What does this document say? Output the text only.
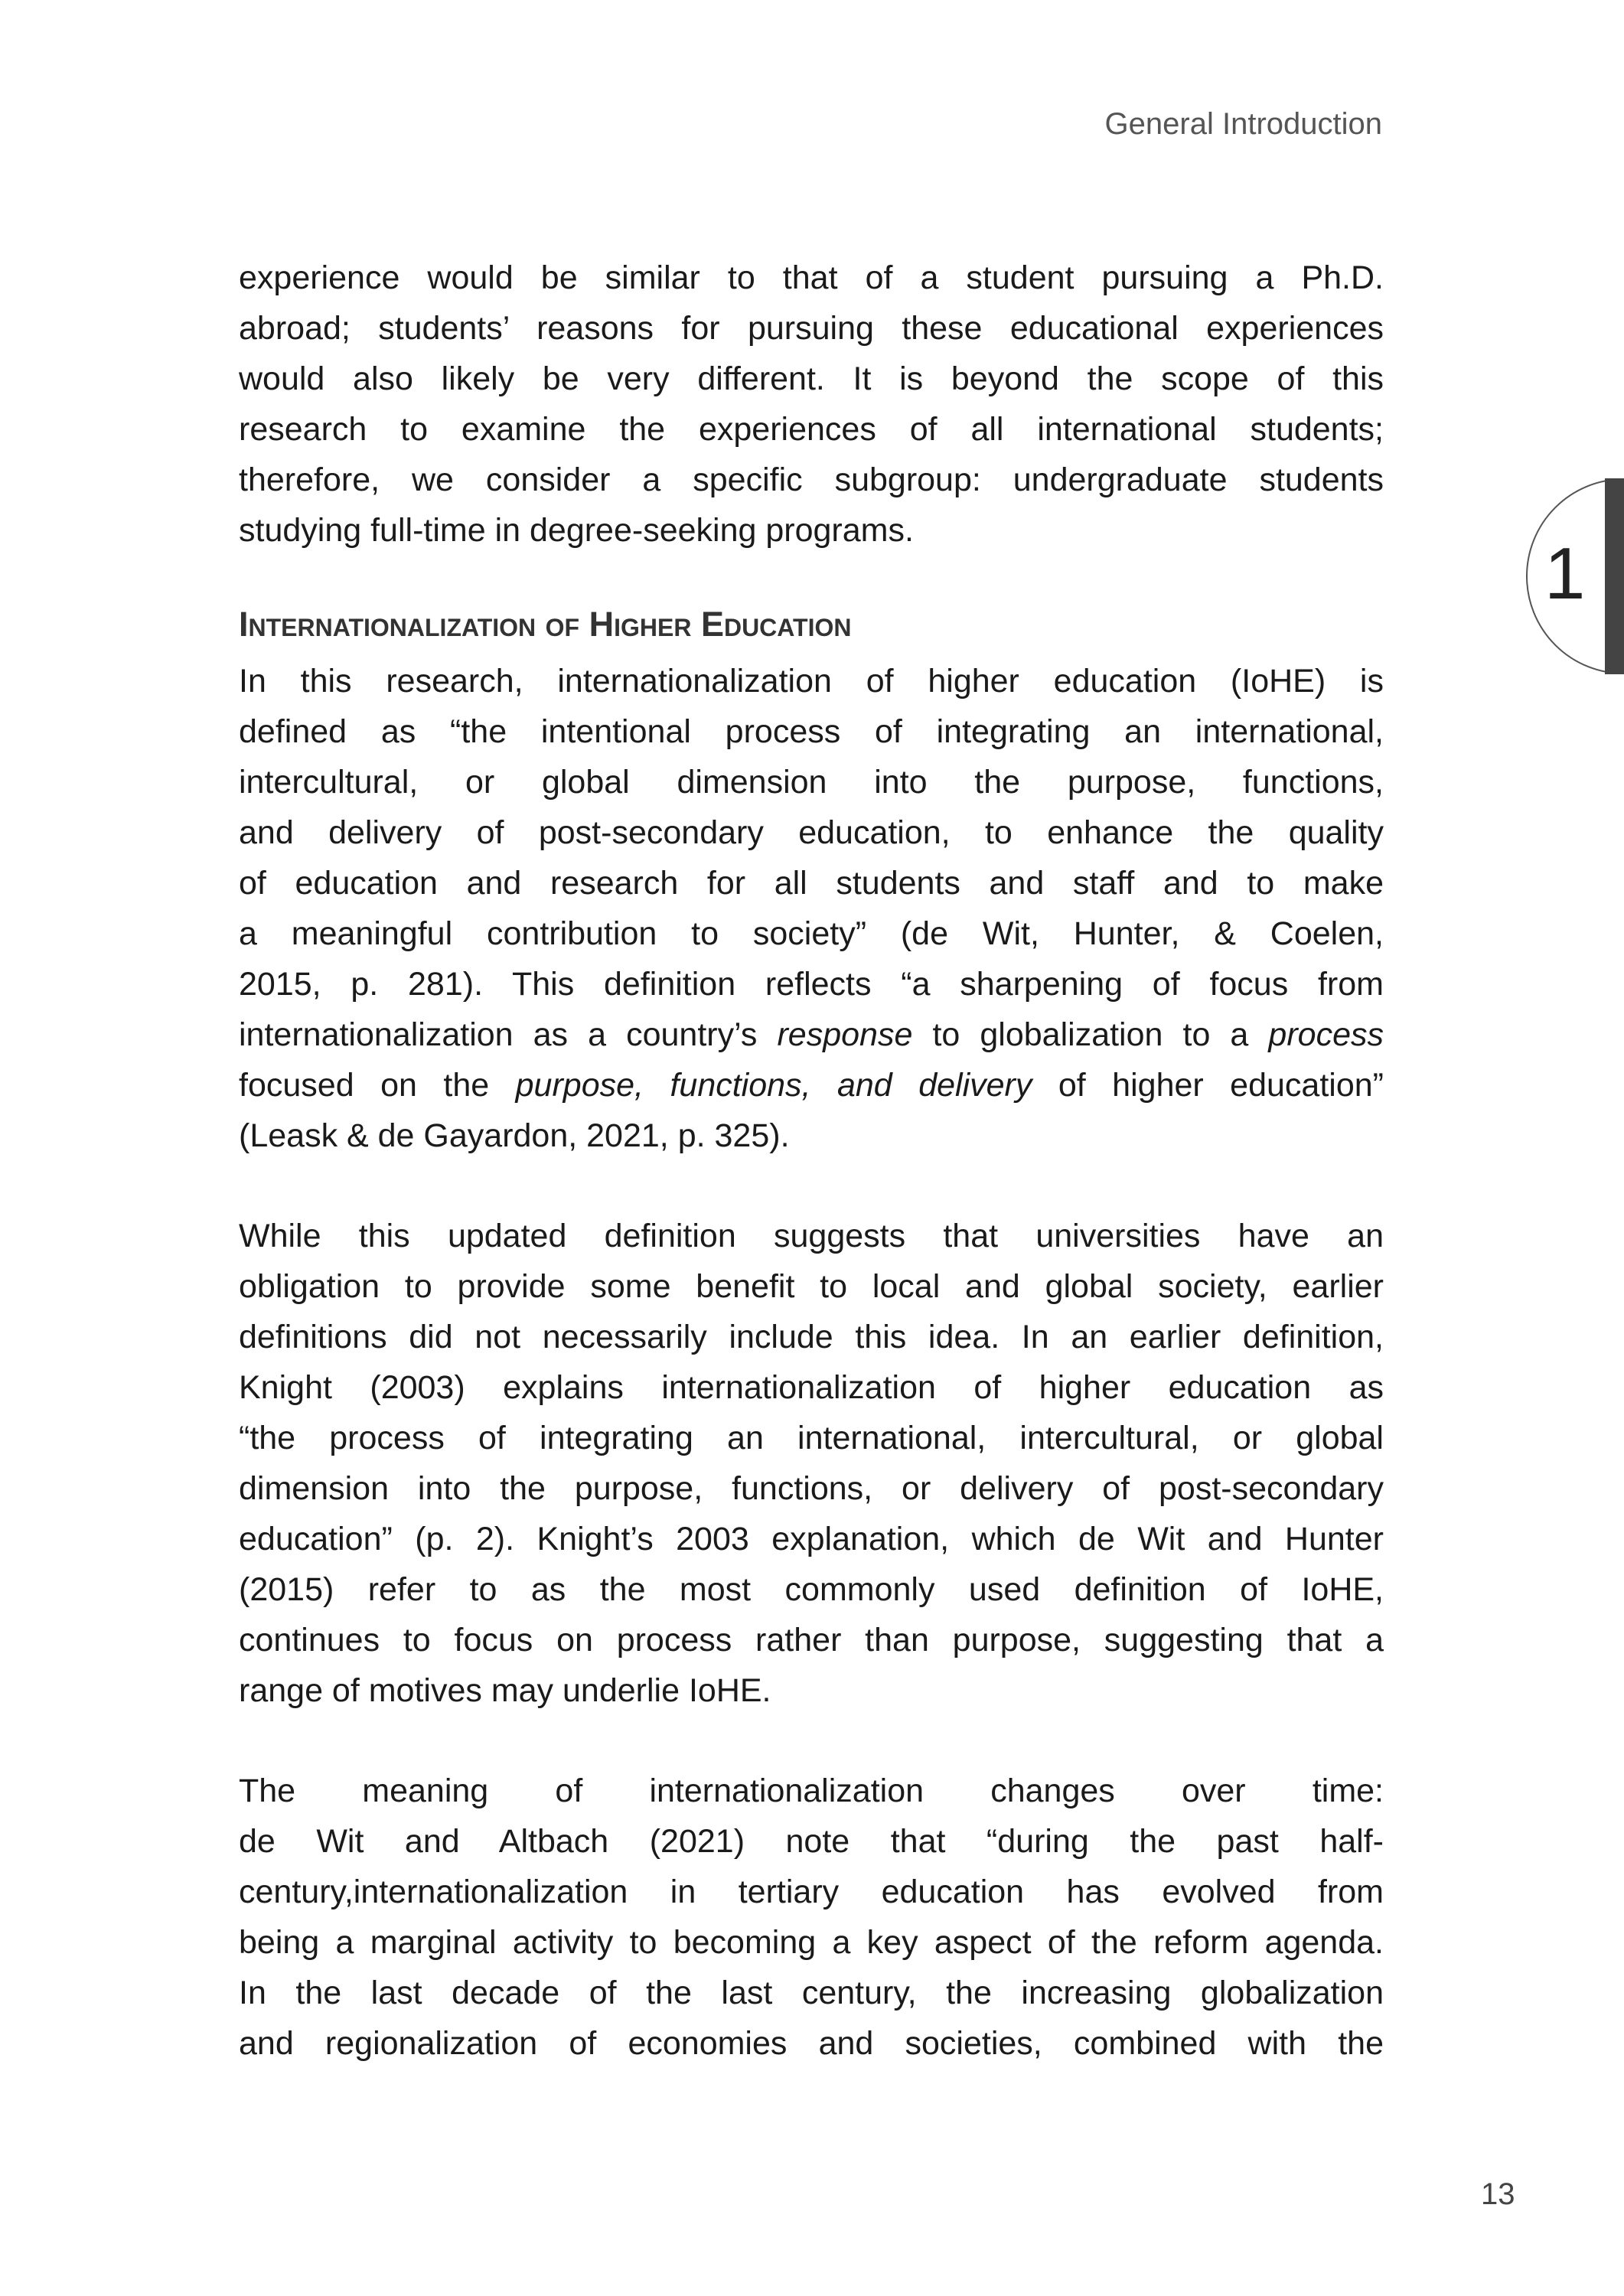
General Introduction
1
experience would be similar to that of a student pursuing a Ph.D.
abroad; students’ reasons for pursuing these educational experiences
would also likely be very different. It is beyond the scope of this
research to examine the experiences of all international students;
therefore, we consider a specific subgroup: undergraduate students
studying full-time in degree-seeking programs.
Internationalization of Higher Education
In this research, internationalization of higher education (IoHE) is
defined as “the intentional process of integrating an international,
intercultural, or global dimension into the purpose, functions,
and delivery of post-secondary education, to enhance the quality
of education and research for all students and staff and to make
a meaningful contribution to society” (de Wit, Hunter, & Coelen,
2015, p. 281). This definition reflects “a sharpening of focus from
internationalization as a country’s response to globalization to a process
focused on the purpose, functions, and delivery of higher education”
(Leask & de Gayardon, 2021, p. 325).
While this updated definition suggests that universities have an
obligation to provide some benefit to local and global society, earlier
definitions did not necessarily include this idea. In an earlier definition,
Knight (2003) explains internationalization of higher education as
“the process of integrating an international, intercultural, or global
dimension into the purpose, functions, or delivery of post-secondary
education” (p. 2). Knight’s 2003 explanation, which de Wit and Hunter
(2015) refer to as the most commonly used definition of IoHE,
continues to focus on process rather than purpose, suggesting that a
range of motives may underlie IoHE.
The meaning of internationalization changes over time:
de Wit and Altbach (2021) note that “during the past half-
century,internationalization in tertiary education has evolved from
being a marginal activity to becoming a key aspect of the reform agenda.
In the last decade of the last century, the increasing globalization
and regionalization of economies and societies, combined with the
13
